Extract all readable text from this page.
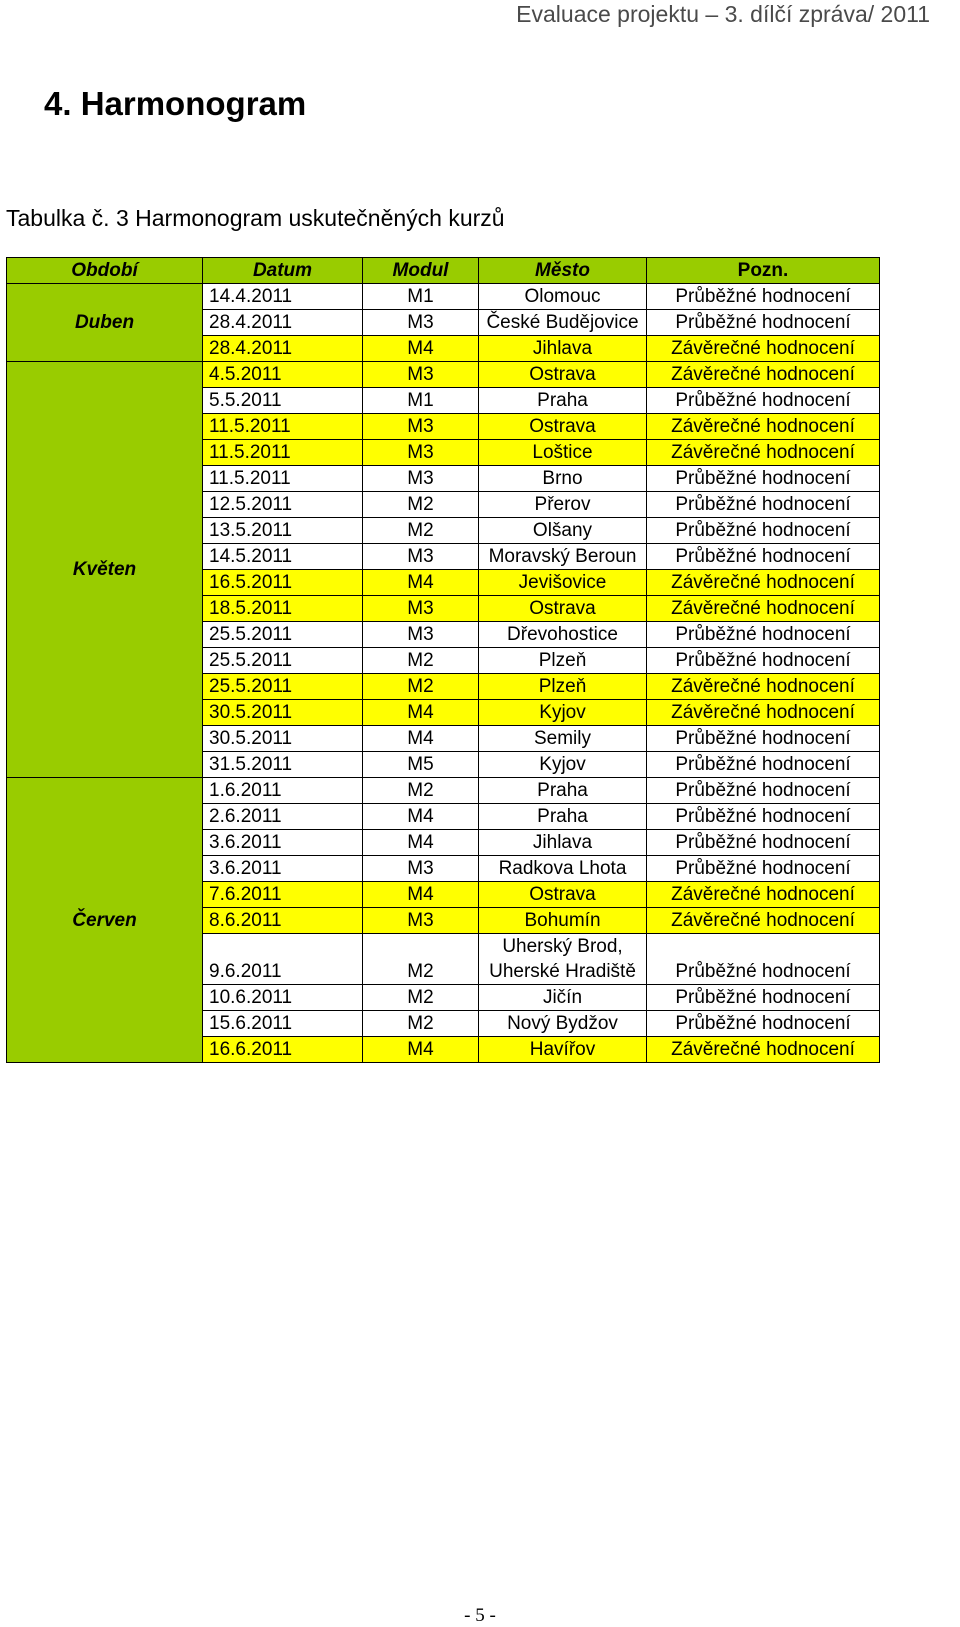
Evaluace projektu – 3. dílčí zpráva/ 2011
4. Harmonogram
Tabulka č. 3 Harmonogram uskutečněných kurzů
Období	Datum	Modul	Město	Pozn.
Duben	14.4.2011	M1	Olomouc	Průběžné hodnocení
	28.4.2011	M3	České Budějovice	Průběžné hodnocení
	28.4.2011	M4	Jihlava	Závěrečné hodnocení
Květen	4.5.2011	M3	Ostrava	Závěrečné hodnocení
	5.5.2011	M1	Praha	Průběžné hodnocení
	11.5.2011	M3	Ostrava	Závěrečné hodnocení
	11.5.2011	M3	Loštice	Závěrečné hodnocení
	11.5.2011	M3	Brno	Průběžné hodnocení
	12.5.2011	M2	Přerov	Průběžné hodnocení
	13.5.2011	M2	Olšany	Průběžné hodnocení
	14.5.2011	M3	Moravský Beroun	Průběžné hodnocení
	16.5.2011	M4	Jevišovice	Závěrečné hodnocení
	18.5.2011	M3	Ostrava	Závěrečné hodnocení
	25.5.2011	M3	Dřevohostice	Průběžné hodnocení
	25.5.2011	M2	Plzeň	Průběžné hodnocení
	25.5.2011	M2	Plzeň	Závěrečné hodnocení
	30.5.2011	M4	Kyjov	Závěrečné hodnocení
	30.5.2011	M4	Semily	Průběžné hodnocení
	31.5.2011	M5	Kyjov	Průběžné hodnocení
Červen	1.6.2011	M2	Praha	Průběžné hodnocení
	2.6.2011	M4	Praha	Průběžné hodnocení
	3.6.2011	M4	Jihlava	Průběžné hodnocení
	3.6.2011	M3	Radkova Lhota	Průběžné hodnocení
	7.6.2011	M4	Ostrava	Závěrečné hodnocení
	8.6.2011	M3	Bohumín	Závěrečné hodnocení
	9.6.2011	M2	Uherský Brod,
Uherské Hradiště	Průběžné hodnocení
	10.6.2011	M2	Jičín	Průběžné hodnocení
	15.6.2011	M2	Nový Bydžov	Průběžné hodnocení
	16.6.2011	M4	Havířov	Závěrečné hodnocení
- 5 -
